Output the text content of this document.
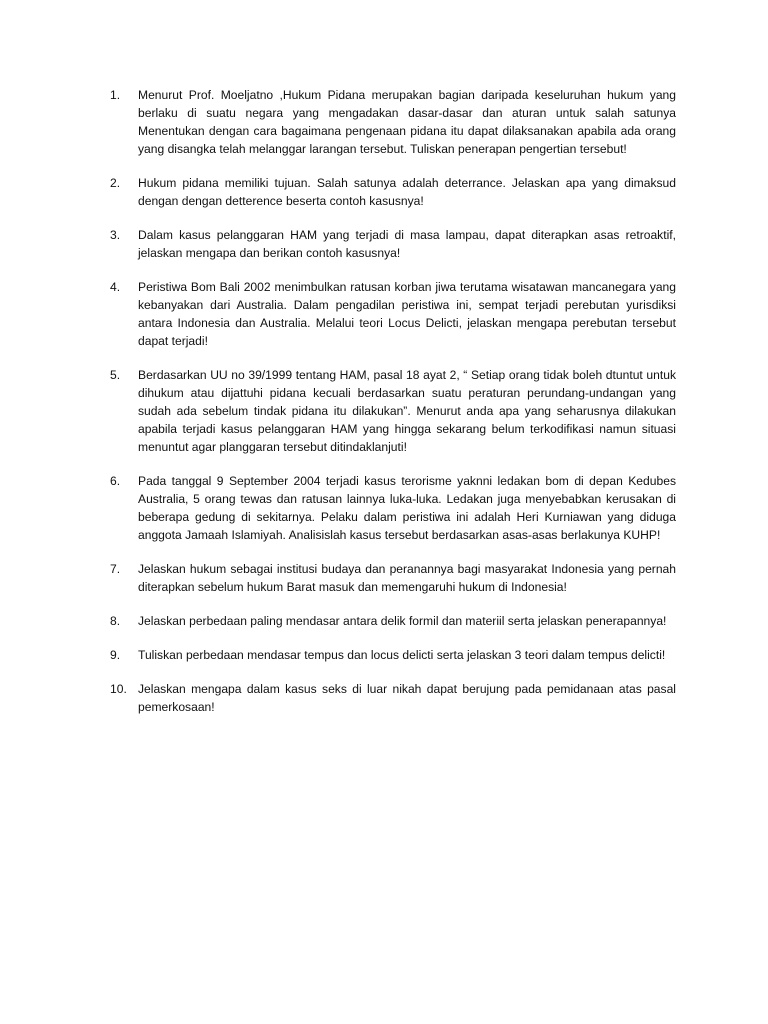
1.	Menurut Prof. Moeljatno ,Hukum Pidana merupakan bagian daripada keseluruhan hukum yang berlaku di suatu negara yang mengadakan dasar-dasar dan aturan untuk salah satunya Menentukan dengan cara bagaimana pengenaan pidana itu dapat dilaksanakan apabila ada orang yang disangka telah melanggar larangan tersebut. Tuliskan penerapan pengertian tersebut!
2.	Hukum pidana memiliki tujuan. Salah satunya adalah deterrance. Jelaskan apa yang dimaksud dengan dengan detterence beserta contoh kasusnya!
3.	Dalam kasus pelanggaran HAM yang terjadi di masa lampau, dapat diterapkan asas retroaktif, jelaskan mengapa dan berikan contoh kasusnya!
4.	Peristiwa Bom Bali 2002 menimbulkan ratusan korban jiwa terutama wisatawan mancanegara yang kebanyakan dari Australia. Dalam pengadilan peristiwa ini, sempat terjadi perebutan yurisdiksi antara Indonesia dan Australia. Melalui teori Locus Delicti, jelaskan mengapa perebutan tersebut dapat terjadi!
5.	Berdasarkan UU no 39/1999 tentang HAM, pasal 18 ayat 2, “ Setiap orang tidak boleh dtuntut untuk dihukum atau dijattuhi pidana kecuali berdasarkan suatu peraturan perundang-undangan yang sudah ada sebelum tindak pidana itu dilakukan”. Menurut anda apa yang seharusnya dilakukan apabila terjadi kasus pelanggaran HAM yang hingga sekarang belum terkodifikasi namun situasi menuntut agar planggaran tersebut ditindaklanjuti!
6.	Pada tanggal 9 September 2004 terjadi kasus terorisme yaknni ledakan bom di depan Kedubes Australia, 5 orang tewas dan ratusan lainnya luka-luka. Ledakan juga menyebabkan kerusakan di beberapa gedung di sekitarnya. Pelaku dalam peristiwa ini adalah Heri Kurniawan yang diduga anggota Jamaah Islamiyah. Analisislah kasus tersebut berdasarkan asas-asas berlakunya KUHP!
7.	Jelaskan hukum sebagai institusi budaya dan peranannya bagi masyarakat Indonesia yang pernah diterapkan sebelum hukum Barat masuk dan memengaruhi hukum di Indonesia!
8.	Jelaskan perbedaan paling mendasar antara delik formil dan materiil serta jelaskan penerapannya!
9.	Tuliskan perbedaan mendasar tempus dan locus delicti serta jelaskan 3 teori dalam tempus delicti!
10. Jelaskan mengapa dalam kasus seks di luar nikah dapat berujung pada pemidanaan atas pasal pemerkosaan!
